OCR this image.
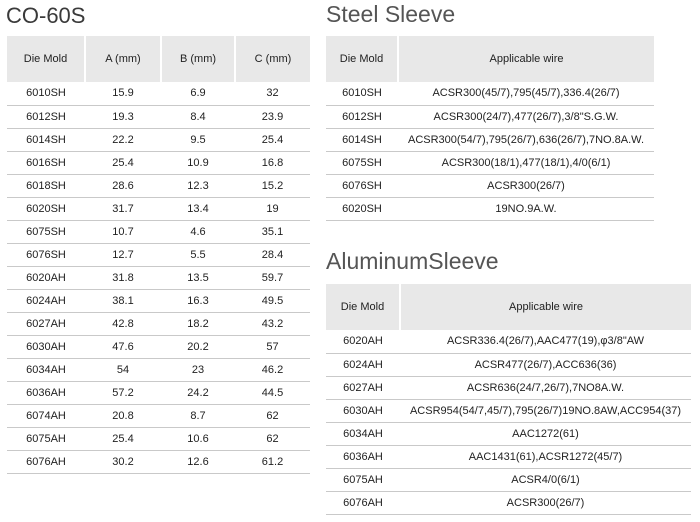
CO-60S	Steel Sleeve
AluminumSleeve
Die Mold	A (mm)	B (mm)	C (mm)
6010SH	15.9	6.9	32
6012SH	19.3	8.4	23.9
6014SH	22.2	9.5	25.4
6016SH	25.4	10.9	16.8
6018SH	28.6	12.3	15.2
6020SH	31.7	13.4	19
6075SH	10.7	4.6	35.1
6076SH	12.7	5.5	28.4
6020AH	31.8	13.5	59.7
6024AH	38.1	16.3	49.5
6027AH	42.8	18.2	43.2
6030AH	47.6	20.2	57
6034AH	54	23	46.2
6036AH	57.2	24.2	44.5
6074AH	20.8	8.7	62
6075AH	25.4	10.6	62
6076AH	30.2	12.6	61.2
Die Mold	Applicable wire
6010SH	ACSR300(45/7),795(45/7),336.4(26/7)
6012SH	ACSR300(24/7),477(26/7),3/8"S.G.W.
6014SH	ACSR300(54/7),795(26/7),636(26/7),7NO.8A.W.
6075SH	ACSR300(18/1),477(18/1),4/0(6/1)
6076SH	ACSR300(26/7)
6020SH	19NO.9A.W.
Die Mold	Applicable wire
6020AH	ACSR336.4(26/7),AAC477(19),φ3/8"AW
6024AH	ACSR477(26/7),ACC636(36)
6027AH	ACSR636(24/7,26/7),7NO8A.W.
6030AH	ACSR954(54/7,45/7),795(26/7)19NO.8AW,ACC954(37)
6034AH	AAC1272(61)
6036AH	AAC1431(61),ACSR1272(45/7)
6075AH	ACSR4/0(6/1)
6076AH	ACSR300(26/7)
